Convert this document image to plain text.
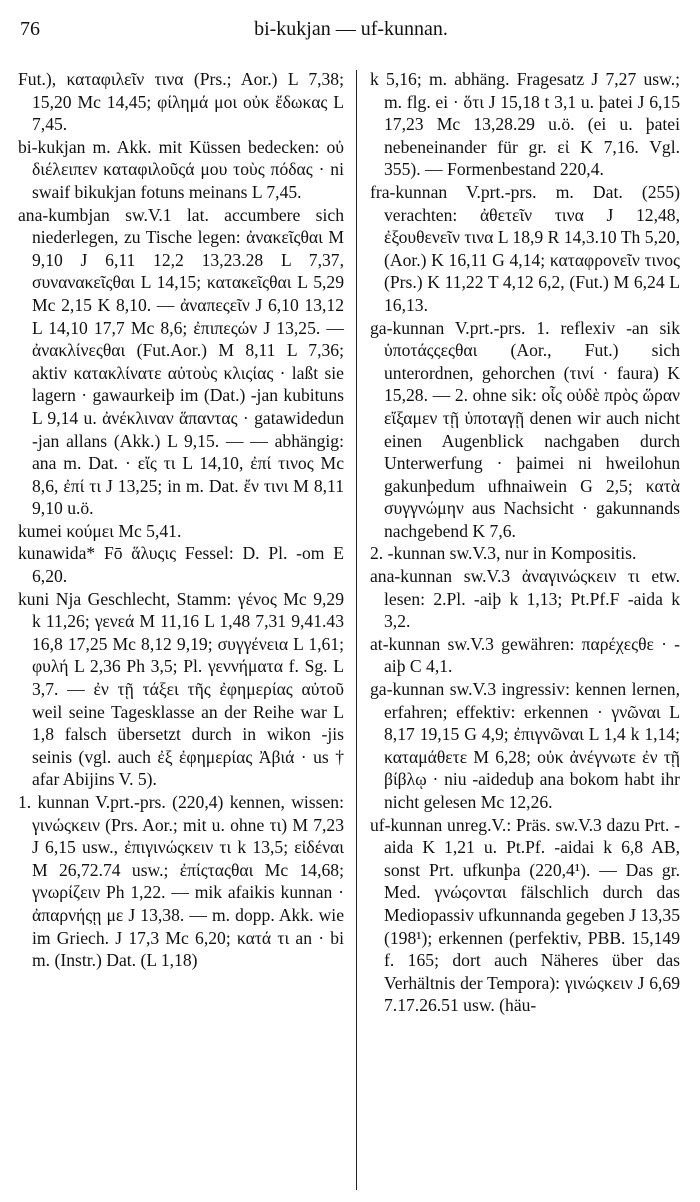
76	bi-kukjan — uf-kunnan.

Fut.), καταφιλεῖν τινα (Prs.; Aor.) L 7,38; 15,20 Mc 14,45; φίλημά μοι οὐκ ἔδωκας L 7,45.

bi-kukjan m. Akk. mit Küssen bedecken: οὐ διέλειπεν καταφιλοῦςά μου τοὺς πόδας · ni swaif bikukjan fotuns meinans L 7,45.

ana-kumbjan sw.V.1 lat. accumbere sich niederlegen, zu Tische legen: ἀνακεῖςθαι M 9,10 J 6,11 12,2 13,23.28 L 7,37, συνανακεῖςθαι L 14,15; κατακεῖςθαι L 5,29 Mc 2,15 K 8,10. — ἀναπεςεῖν J 6,10 13,12 L 14,10 17,7 Mc 8,6; ἐπιπεςών J 13,25. — ἀνακλίνεςθαι (Fut.Aor.) M 8,11 L 7,36; aktiv κατακλίνατε αὐτοὺς κλιςίας · laßt sie lagern · gawaurkeiþ im (Dat.) -jan kubituns L 9,14 u. ἀνέκλιναν ἅπαντας · gatawidedun -jan allans (Akk.) L 9,15. — — abhängig: ana m. Dat. · εἴς τι L 14,10, ἐπί τινος Mc 8,6, ἐπί τι J 13,25; in m. Dat. ἔν τινι M 8,11 9,10 u.ö.

kumei κούμει Mc 5,41.

kunawida* Fō ἅλυςις Fessel: D. Pl. -om E 6,20.

kuni Nja Geschlecht, Stamm: γένος Mc 9,29 k 11,26; γενεά M 11,16 L 1,48 7,31 9,41.43 16,8 17,25 Mc 8,12 9,19; συγγένεια L 1,61; φυλή L 2,36 Ph 3,5; Pl. γεννήματα f. Sg. L 3,7. — ἐν τῇ τάξει τῆς ἐφημερίας αὐτοῦ weil seine Tagesklasse an der Reihe war L 1,8 falsch übersetzt durch in wikon -jis seinis (vgl. auch ἐξ ἐφημερίας Ἀβιά · us † afar Abijins V. 5).

1. kunnan V.prt.-prs. (220,4) kennen, wissen: γινώςκειν (Prs. Aor.; mit u. ohne τι) M 7,23 J 6,15 usw., ἐπιγινώςκειν τι k 13,5; εἰδέναι M 26,72.74 usw.; ἐπίςταςθαι Mc 14,68; γνωρίζειν Ph 1,22. — mik afaikis kunnan · ἀπαρνήςῃ με J 13,38. — m. dopp. Akk. wie im Griech. J 17,3 Mc 6,20; κατά τι an · bi m. (Instr.) Dat. (L 1,18)

k 5,16; m. abhäng. Fragesatz J 7,27 usw.; m. flg. ei · ὅτι J 15,18 t 3,1 u. þatei J 6,15 17,23 Mc 13,28.29 u.ö. (ei u. þatei nebeneinander für gr. εἰ K 7,16. Vgl. 355). — Formenbestand 220,4.

fra-kunnan V.prt.-prs. m. Dat. (255) verachten: ἀθετεῖν τινα J 12,48, ἐξουθενεῖν τινα L 18,9 R 14,3.10 Th 5,20, (Aor.) K 16,11 G 4,14; καταφρονεῖν τινος (Prs.) K 11,22 T 4,12 6,2, (Fut.) M 6,24 L 16,13.

ga-kunnan V.prt.-prs. 1. reflexiv -an sik ὑποτάςςεςθαι (Aor., Fut.) sich unterordnen, gehorchen (τινί · faura) K 15,28. — 2. ohne sik: οἷς οὐδὲ πρὸς ὥραν εἴξαμεν τῇ ὑποταγῇ denen wir auch nicht einen Augenblick nachgaben durch Unterwerfung · þaimei ni hweilohun gakunþedum ufhnaiwein G 2,5; κατὰ συγγνώμην aus Nachsicht · gakunnands nachgebend K 7,6.

2. -kunnan sw.V.3, nur in Kompositis.

ana-kunnan sw.V.3 ἀναγινώςκειν τι etw. lesen: 2.Pl. -aiþ k 1,13; Pt.Pf.F -aida k 3,2.

at-kunnan sw.V.3 gewähren: παρέχεςθε · -aiþ C 4,1.

ga-kunnan sw.V.3 ingressiv: kennen lernen, erfahren; effektiv: erkennen · γνῶναι L 8,17 19,15 G 4,9; ἐπιγνῶναι L 1,4 k 1,14; καταμάθετε M 6,28; οὐκ ἀνέγνωτε ἐν τῇ βίβλῳ · niu -aideduþ ana bokom habt ihr nicht gelesen Mc 12,26.

uf-kunnan unreg.V.: Präs. sw.V.3 dazu Prt. -aida K 1,21 u. Pt.Pf. -aidai k 6,8 AB, sonst Prt. ufkunþa (220,4¹). — Das gr. Med. γνώςονται fälschlich durch das Mediopassiv ufkunnanda gegeben J 13,35 (198¹); erkennen (perfektiv, PBB. 15,149 f. 165; dort auch Näheres über das Verhältnis der Tempora): γινώςκειν J 6,69 7.17.26.51 usw. (häu-
